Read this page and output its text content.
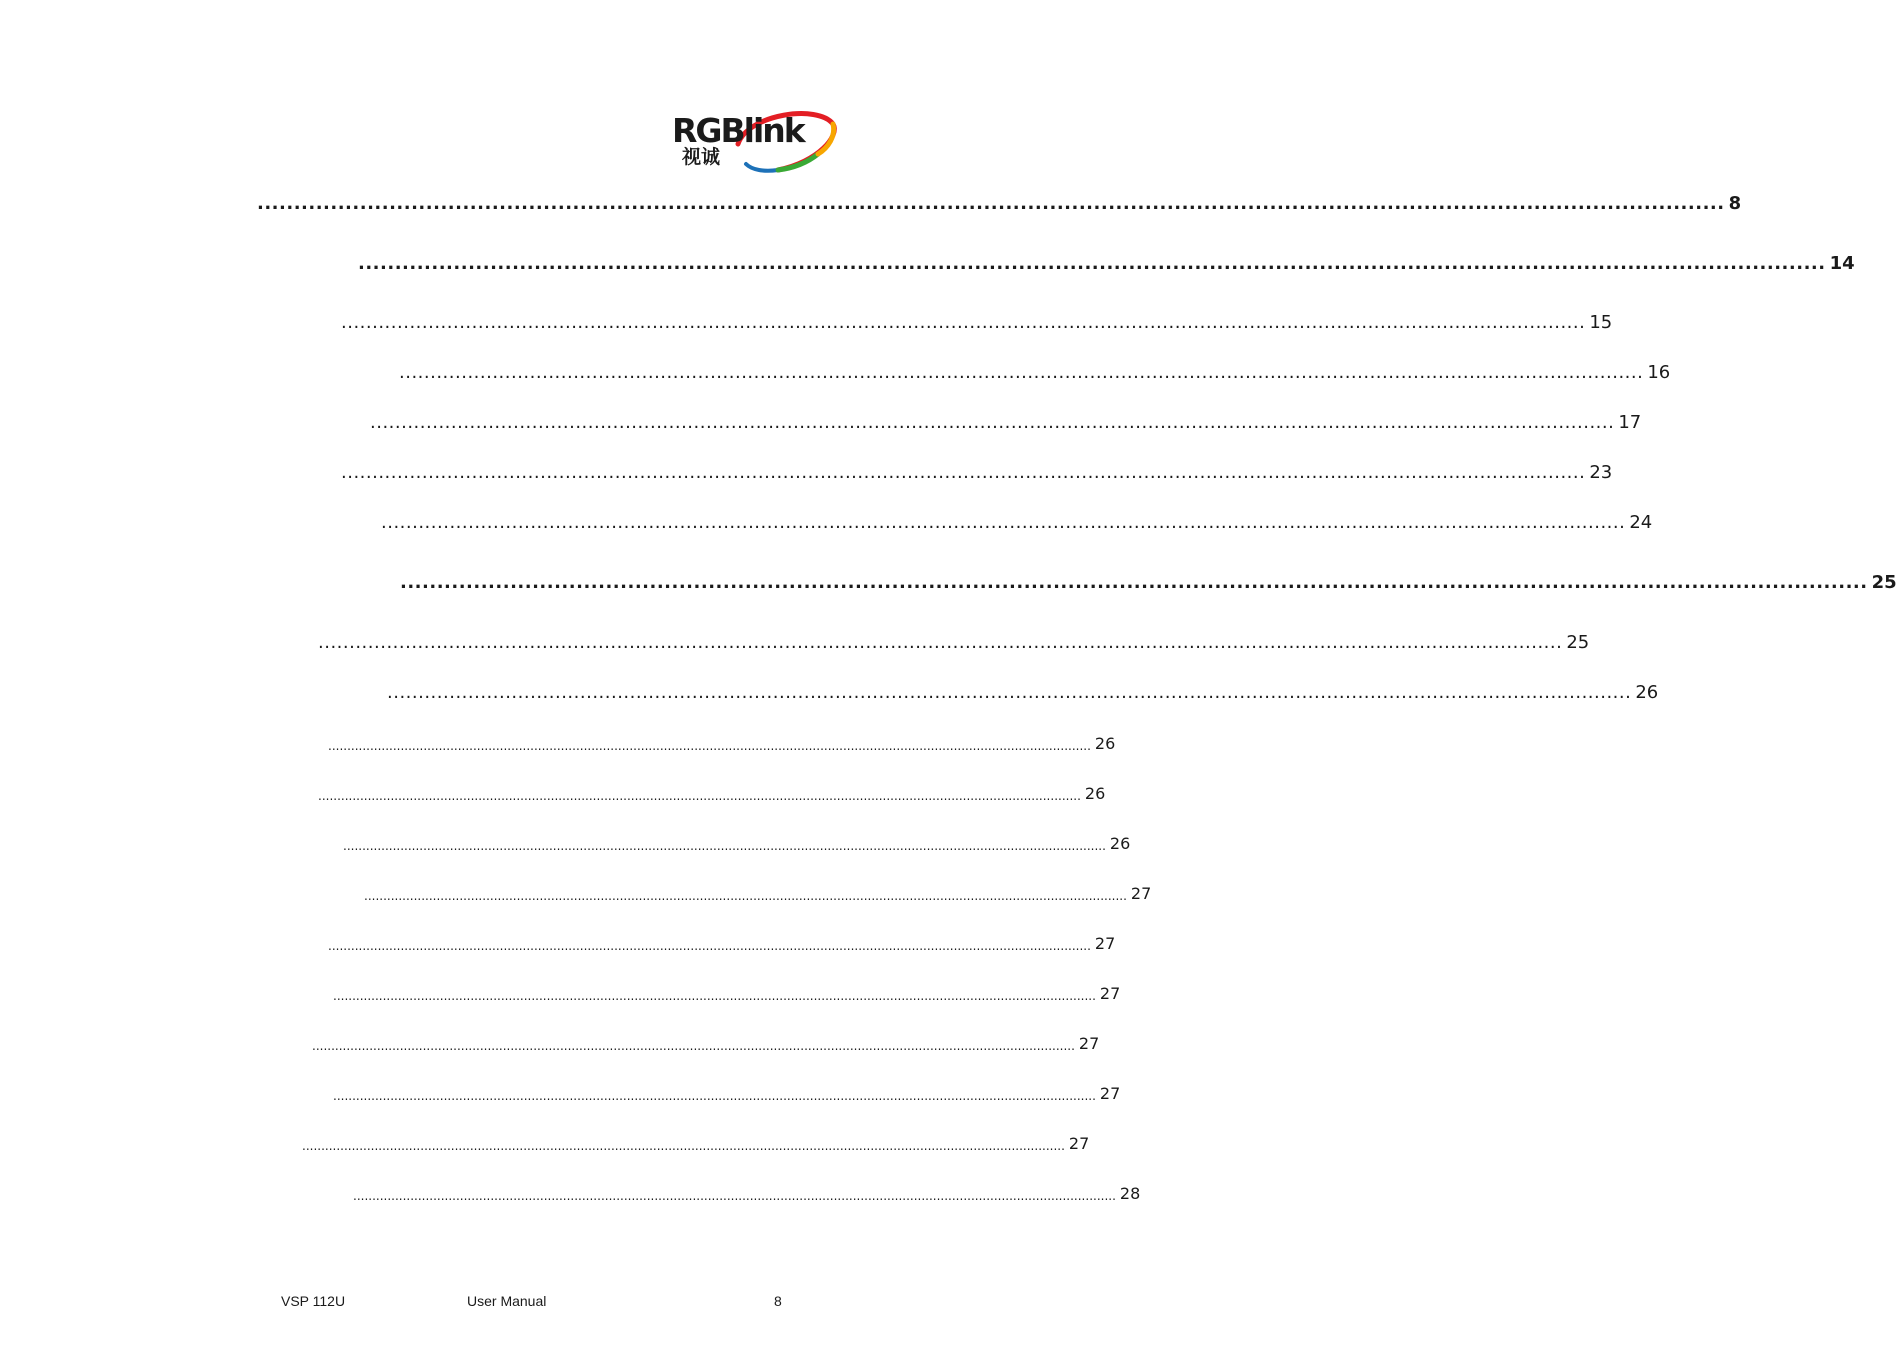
RGBlink
视诚
........................................................................................................................................................................................................ 8
........................................................................................................................................................................................................ 14
........................................................................................................................................................................................................ 15
........................................................................................................................................................................................................ 16
........................................................................................................................................................................................................ 17
........................................................................................................................................................................................................ 23
........................................................................................................................................................................................................ 24
........................................................................................................................................................................................................ 25
........................................................................................................................................................................................................ 25
........................................................................................................................................................................................................ 26
........................................................................................................................................................................................................ 26
........................................................................................................................................................................................................ 26
........................................................................................................................................................................................................ 26
........................................................................................................................................................................................................ 27
........................................................................................................................................................................................................ 27
........................................................................................................................................................................................................ 27
........................................................................................................................................................................................................ 27
........................................................................................................................................................................................................ 27
........................................................................................................................................................................................................ 27
........................................................................................................................................................................................................ 28
VSP 112U	User Manual	8
